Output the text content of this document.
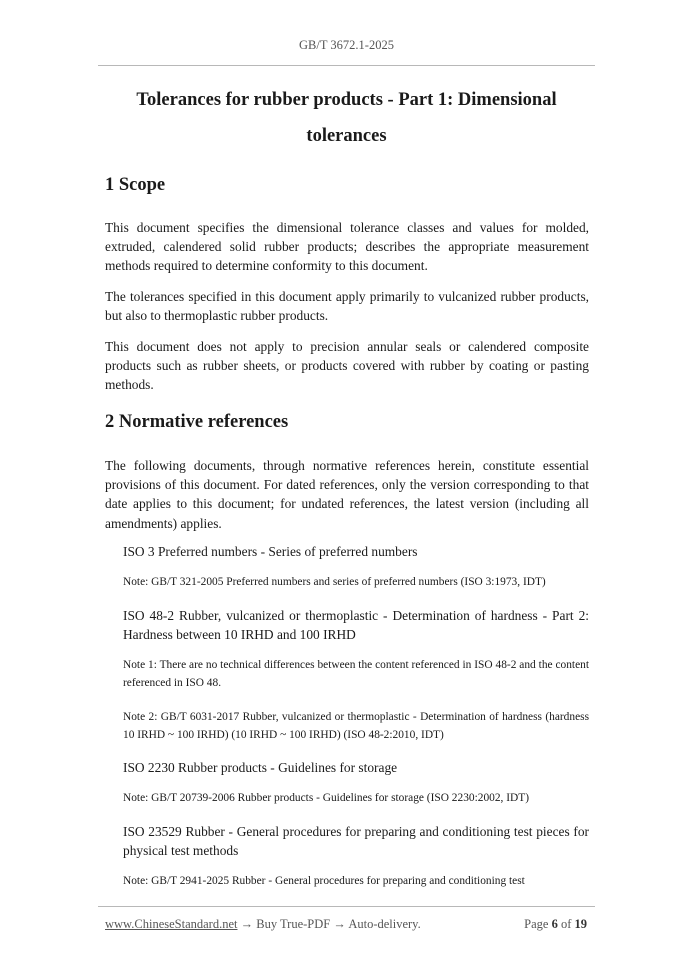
GB/T 3672.1-2025
Tolerances for rubber products - Part 1: Dimensional
tolerances
1 Scope

This document specifies the dimensional tolerance classes and values for molded, extruded, calendered solid rubber products; describes the appropriate measurement methods required to determine conformity to this document.

The tolerances specified in this document apply primarily to vulcanized rubber products, but also to thermoplastic rubber products.

This document does not apply to precision annular seals or calendered composite products such as rubber sheets, or products covered with rubber by coating or pasting methods.

2 Normative references

The following documents, through normative references herein, constitute essential provisions of this document. For dated references, only the version corresponding to that date applies to this document; for undated references, the latest version (including all amendments) applies.

ISO 3 Preferred numbers - Series of preferred numbers

Note: GB/T 321-2005 Preferred numbers and series of preferred numbers (ISO 3:1973, IDT)

ISO 48-2 Rubber, vulcanized or thermoplastic - Determination of hardness - Part 2: Hardness between 10 IRHD and 100 IRHD

Note 1: There are no technical differences between the content referenced in ISO 48-2 and the content referenced in ISO 48.

Note 2: GB/T 6031-2017 Rubber, vulcanized or thermoplastic - Determination of hardness (hardness 10 IRHD ~ 100 IRHD) (10 IRHD ~ 100 IRHD) (ISO 48-2:2010, IDT)

ISO 2230 Rubber products - Guidelines for storage

Note: GB/T 20739-2006 Rubber products - Guidelines for storage (ISO 2230:2002, IDT)

ISO 23529 Rubber - General procedures for preparing and conditioning test pieces for physical test methods

Note: GB/T 2941-2025 Rubber - General procedures for preparing and conditioning test

www.ChineseStandard.net → Buy True-PDF → Auto-delivery.	Page 6 of 19
